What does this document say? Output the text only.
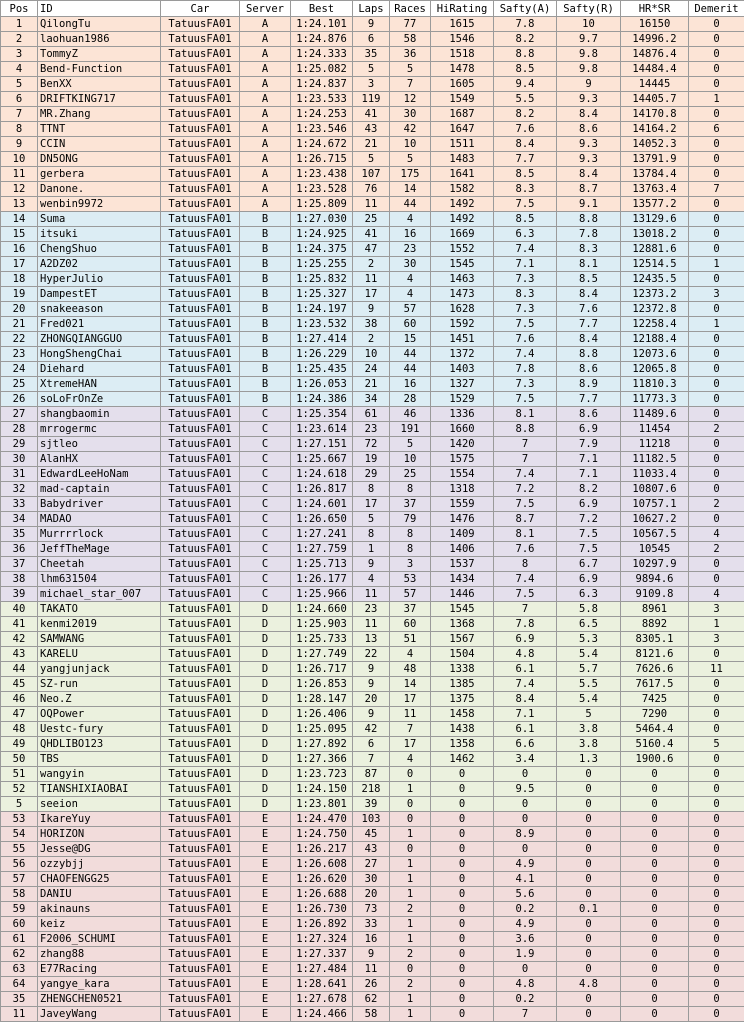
Pos	ID	Car	Server	Best	Laps	Races	HiRating	Safty(A)	Safty(R)	HR*SR	Demerit
1	QilongTu	TatuusFA01	A	1:24.101	9	77	1615	7.8	10	16150	0
2	laohuan1986	TatuusFA01	A	1:24.876	6	58	1546	8.2	9.7	14996.2	0
3	TommyZ	TatuusFA01	A	1:24.333	35	36	1518	8.8	9.8	14876.4	0
4	Bend-Function	TatuusFA01	A	1:25.082	5	5	1478	8.5	9.8	14484.4	0
5	BenXX	TatuusFA01	A	1:24.837	3	7	1605	9.4	9	14445	0
6	DRIFTKING717	TatuusFA01	A	1:23.533	119	12	1549	5.5	9.3	14405.7	1
7	MR.Zhang	TatuusFA01	A	1:24.253	41	30	1687	8.2	8.4	14170.8	0
8	TTNT	TatuusFA01	A	1:23.546	43	42	1647	7.6	8.6	14164.2	6
9	CCIN	TatuusFA01	A	1:24.672	21	10	1511	8.4	9.3	14052.3	0
10	DN5ONG	TatuusFA01	A	1:26.715	5	5	1483	7.7	9.3	13791.9	0
11	gerbera	TatuusFA01	A	1:23.438	107	175	1641	8.5	8.4	13784.4	0
12	Danone.	TatuusFA01	A	1:23.528	76	14	1582	8.3	8.7	13763.4	7
13	wenbin9972	TatuusFA01	A	1:25.809	11	44	1492	7.5	9.1	13577.2	0
14	Suma	TatuusFA01	B	1:27.030	25	4	1492	8.5	8.8	13129.6	0
15	itsuki	TatuusFA01	B	1:24.925	41	16	1669	6.3	7.8	13018.2	0
16	ChengShuo	TatuusFA01	B	1:24.375	47	23	1552	7.4	8.3	12881.6	0
17	A2DZ02	TatuusFA01	B	1:25.255	2	30	1545	7.1	8.1	12514.5	1
18	HyperJulio	TatuusFA01	B	1:25.832	11	4	1463	7.3	8.5	12435.5	0
19	DampestET	TatuusFA01	B	1:25.327	17	4	1473	8.3	8.4	12373.2	3
20	snakeeason	TatuusFA01	B	1:24.197	9	57	1628	7.3	7.6	12372.8	0
21	Fred021	TatuusFA01	B	1:23.532	38	60	1592	7.5	7.7	12258.4	1
22	ZHONGQIANGGUO	TatuusFA01	B	1:27.414	2	15	1451	7.6	8.4	12188.4	0
23	HongShengChai	TatuusFA01	B	1:26.229	10	44	1372	7.4	8.8	12073.6	0
24	Diehard	TatuusFA01	B	1:25.435	24	44	1403	7.8	8.6	12065.8	0
25	XtremeHAN	TatuusFA01	B	1:26.053	21	16	1327	7.3	8.9	11810.3	0
26	soLoFrOnZe	TatuusFA01	B	1:24.386	34	28	1529	7.5	7.7	11773.3	0
27	shangbaomin	TatuusFA01	C	1:25.354	61	46	1336	8.1	8.6	11489.6	0
28	mrrogermc	TatuusFA01	C	1:23.614	23	191	1660	8.8	6.9	11454	2
29	sjtleo	TatuusFA01	C	1:27.151	72	5	1420	7	7.9	11218	0
30	AlanHX	TatuusFA01	C	1:25.667	19	10	1575	7	7.1	11182.5	0
31	EdwardLeeHoNam	TatuusFA01	C	1:24.618	29	25	1554	7.4	7.1	11033.4	0
32	mad-captain	TatuusFA01	C	1:26.817	8	8	1318	7.2	8.2	10807.6	0
33	Babydriver	TatuusFA01	C	1:24.601	17	37	1559	7.5	6.9	10757.1	2
34	MADAO	TatuusFA01	C	1:26.650	5	79	1476	8.7	7.2	10627.2	0
35	Murrrrlock	TatuusFA01	C	1:27.241	8	8	1409	8.1	7.5	10567.5	4
36	JeffTheMage	TatuusFA01	C	1:27.759	1	8	1406	7.6	7.5	10545	2
37	Cheetah	TatuusFA01	C	1:25.713	9	3	1537	8	6.7	10297.9	0
38	lhm631504	TatuusFA01	C	1:26.177	4	53	1434	7.4	6.9	9894.6	0
39	michael_star_007	TatuusFA01	C	1:25.966	11	57	1446	7.5	6.3	9109.8	4
40	TAKATO	TatuusFA01	D	1:24.660	23	37	1545	7	5.8	8961	3
41	kenmi2019	TatuusFA01	D	1:25.903	11	60	1368	7.8	6.5	8892	1
42	SAMWANG	TatuusFA01	D	1:25.733	13	51	1567	6.9	5.3	8305.1	3
43	KARELU	TatuusFA01	D	1:27.749	22	4	1504	4.8	5.4	8121.6	0
44	yangjunjack	TatuusFA01	D	1:26.717	9	48	1338	6.1	5.7	7626.6	11
45	SZ-run	TatuusFA01	D	1:26.853	9	14	1385	7.4	5.5	7617.5	0
46	Neo.Z	TatuusFA01	D	1:28.147	20	17	1375	8.4	5.4	7425	0
47	OQPower	TatuusFA01	D	1:26.406	9	11	1458	7.1	5	7290	0
48	Uestc-fury	TatuusFA01	D	1:25.095	42	7	1438	6.1	3.8	5464.4	0
49	QHDLIBO123	TatuusFA01	D	1:27.892	6	17	1358	6.6	3.8	5160.4	5
50	TBS	TatuusFA01	D	1:27.366	7	4	1462	3.4	1.3	1900.6	0
51	wangyin	TatuusFA01	D	1:23.723	87	0	0	0	0	0	0
52	TIANSHIXIAOBAI	TatuusFA01	D	1:24.150	218	1	0	9.5	0	0	0
5	seeion	TatuusFA01	D	1:23.801	39	0	0	0	0	0	0
53	IkareYuy	TatuusFA01	E	1:24.470	103	0	0	0	0	0	0
54	HORIZON	TatuusFA01	E	1:24.750	45	1	0	8.9	0	0	0
55	Jesse@DG	TatuusFA01	E	1:26.217	43	0	0	0	0	0	0
56	ozzybjj	TatuusFA01	E	1:26.608	27	1	0	4.9	0	0	0
57	CHAOFENGG25	TatuusFA01	E	1:26.620	30	1	0	4.1	0	0	0
58	DANIU	TatuusFA01	E	1:26.688	20	1	0	5.6	0	0	0
59	akinauns	TatuusFA01	E	1:26.730	73	2	0	0.2	0.1	0	0
60	keiz	TatuusFA01	E	1:26.892	33	1	0	4.9	0	0	0
61	F2006_SCHUMI	TatuusFA01	E	1:27.324	16	1	0	3.6	0	0	0
62	zhang88	TatuusFA01	E	1:27.337	9	2	0	1.9	0	0	0
63	E77Racing	TatuusFA01	E	1:27.484	11	0	0	0	0	0	0
64	yangye_kara	TatuusFA01	E	1:28.641	26	2	0	4.8	4.8	0	0
35	ZHENGCHEN0521	TatuusFA01	E	1:27.678	62	1	0	0.2	0	0	0
11	JaveyWang	TatuusFA01	E	1:24.466	58	1	0	7	0	0	0
